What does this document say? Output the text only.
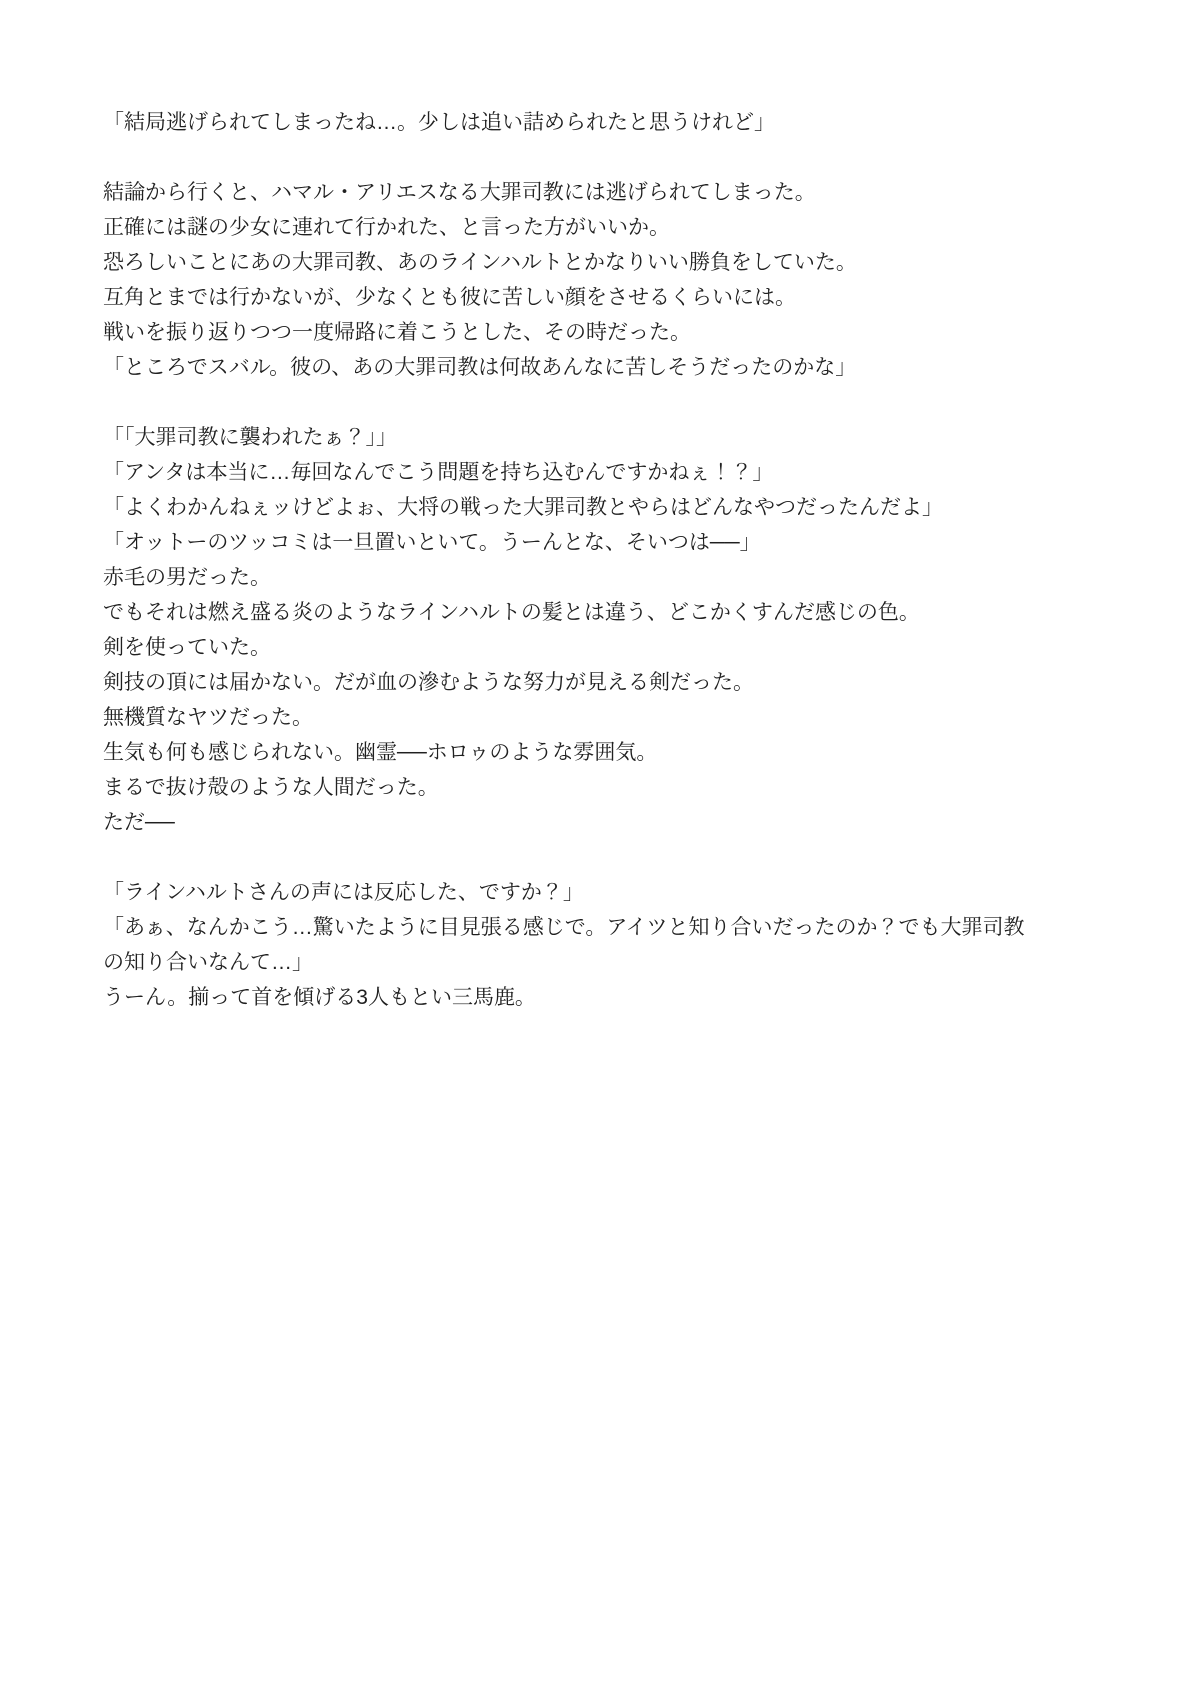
「結局逃げられてしまったね…。少しは追い詰められたと思うけれど」

結論から行くと、ハマル・アリエスなる大罪司教には逃げられてしまった。

正確には謎の少女に連れて行かれた、と言った方がいいか。

恐ろしいことにあの大罪司教、あのラインハルトとかなりいい勝負をしていた。

互角とまでは行かないが、少なくとも彼に苦しい顔をさせるくらいには。

戦いを振り返りつつ一度帰路に着こうとした、その時だった。

「ところでスバル。彼の、あの大罪司教は何故あんなに苦しそうだったのかな」

「「大罪司教に襲われたぁ？」」

「アンタは本当に…毎回なんでこう問題を持ち込むんですかねぇ！？」

「よくわかんねぇッけどよぉ、大将の戦った大罪司教とやらはどんなやつだったんだよ」

「オットーのツッコミは一旦置いといて。うーんとな、そいつは──」

赤毛の男だった。

でもそれは燃え盛る炎のようなラインハルトの髪とは違う、どこかくすんだ感じの色。

剣を使っていた。

剣技の頂には届かない。だが血の滲むような努力が見える剣だった。

無機質なヤツだった。

生気も何も感じられない。幽霊──ホロゥのような雰囲気。

まるで抜け殻のような人間だった。

ただ──

「ラインハルトさんの声には反応した、ですか？」

「あぁ、なんかこう…驚いたように目見張る感じで。アイツと知り合いだったのか？でも大罪司教の知り合いなんて…」

うーん。揃って首を傾げる3人もとい三馬鹿。
